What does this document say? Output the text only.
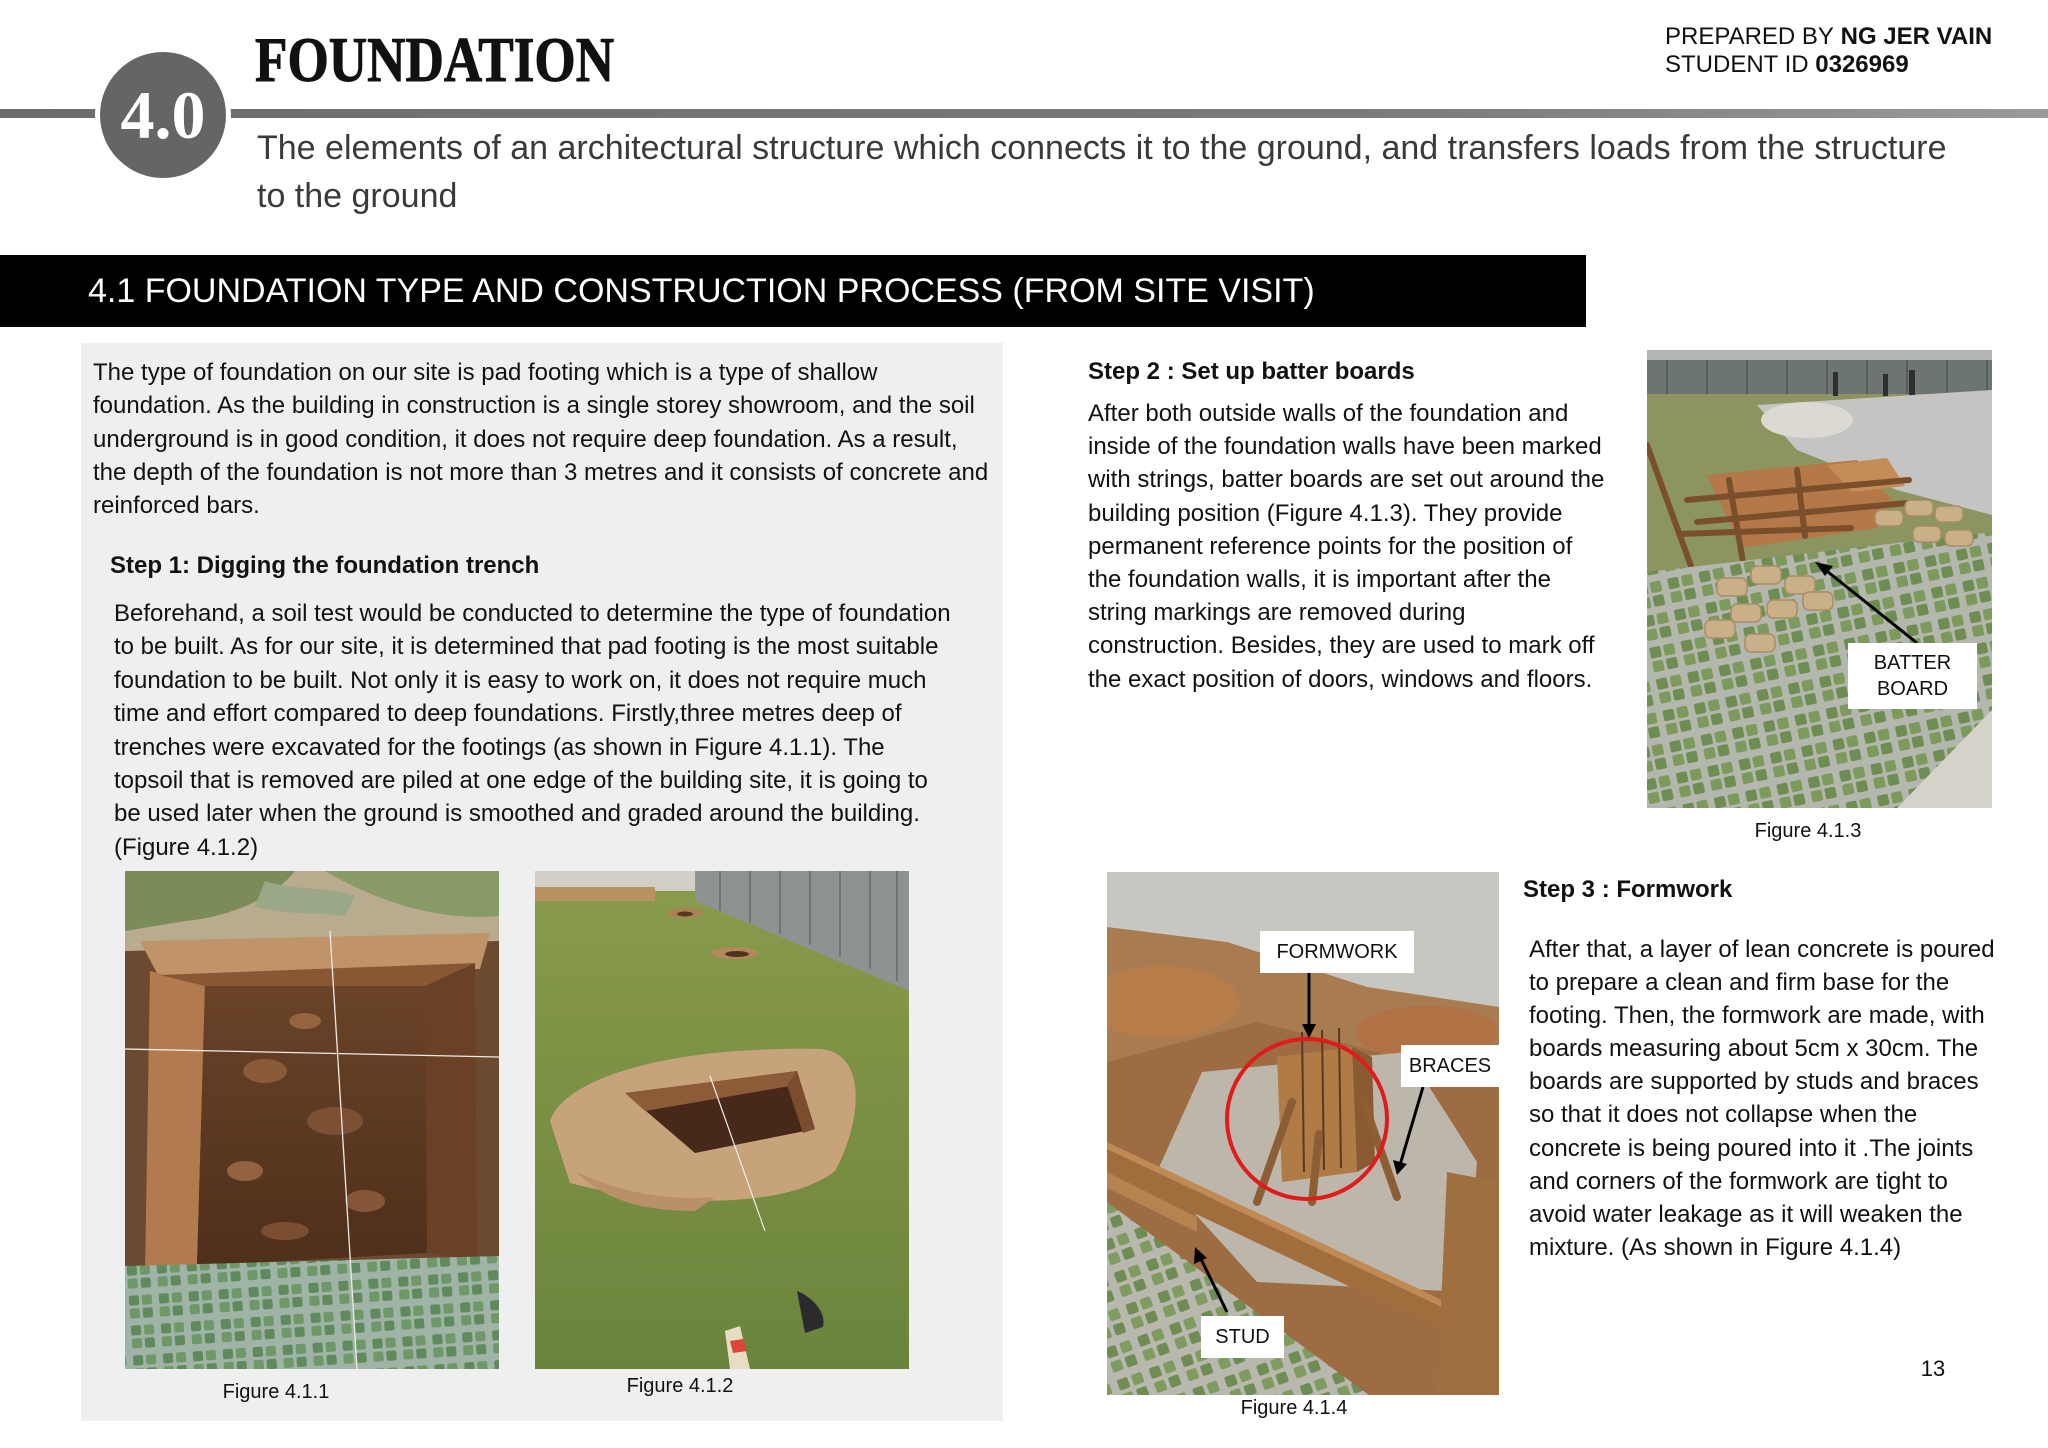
4.0
FOUNDATION	PREPARED BY NG JER VAIN
STUDENT ID 0326969
The elements of an architectural structure which connects it to the ground, and transfers loads from the structure
to the ground
4.1 FOUNDATION TYPE AND CONSTRUCTION PROCESS (FROM SITE VISIT)
The type of foundation on our site is pad footing which is a type of shallow
foundation. As the building in construction is a single storey showroom, and the soil
underground is in good condition, it does not require deep foundation. As a result,
the depth of the foundation is not more than 3 metres and it consists of concrete and
reinforced bars.
Step 1: Digging the foundation trench
Beforehand, a soil test would be conducted to determine the type of foundation
to be built. As for our site, it is determined that pad footing is the most suitable
foundation to be built. Not only it is easy to work on, it does not require much
time and effort compared to deep foundations. Firstly,three metres deep of
trenches were excavated for the footings (as shown in Figure 4.1.1). The
topsoil that is removed are piled at one edge of the building site, it is going to
be used later when the ground is smoothed and graded around the building.
(Figure 4.1.2)
Figure 4.1.1	Figure 4.1.2
Step 2 : Set up batter boards
After both outside walls of the foundation and
inside of the foundation walls have been marked
with strings, batter boards are set out around the
building position (Figure 4.1.3). They provide
permanent reference points for the position of
the foundation walls, it is important after the
string markings are removed during
construction. Besides, they are used to mark off
the exact position of doors, windows and floors.
BATTER
BOARD
Figure 4.1.3
FORMWORK
BRACES
STUD
Figure 4.1.4
Step 3 : Formwork
After that, a layer of lean concrete is poured
to prepare a clean and firm base for the
footing. Then, the formwork are made, with
boards measuring about 5cm x 30cm. The
boards are supported by studs and braces
so that it does not collapse when the
concrete is being poured into it .The joints
and corners of the formwork are tight to
avoid water leakage as it will weaken the
mixture. (As shown in Figure 4.1.4)
13
